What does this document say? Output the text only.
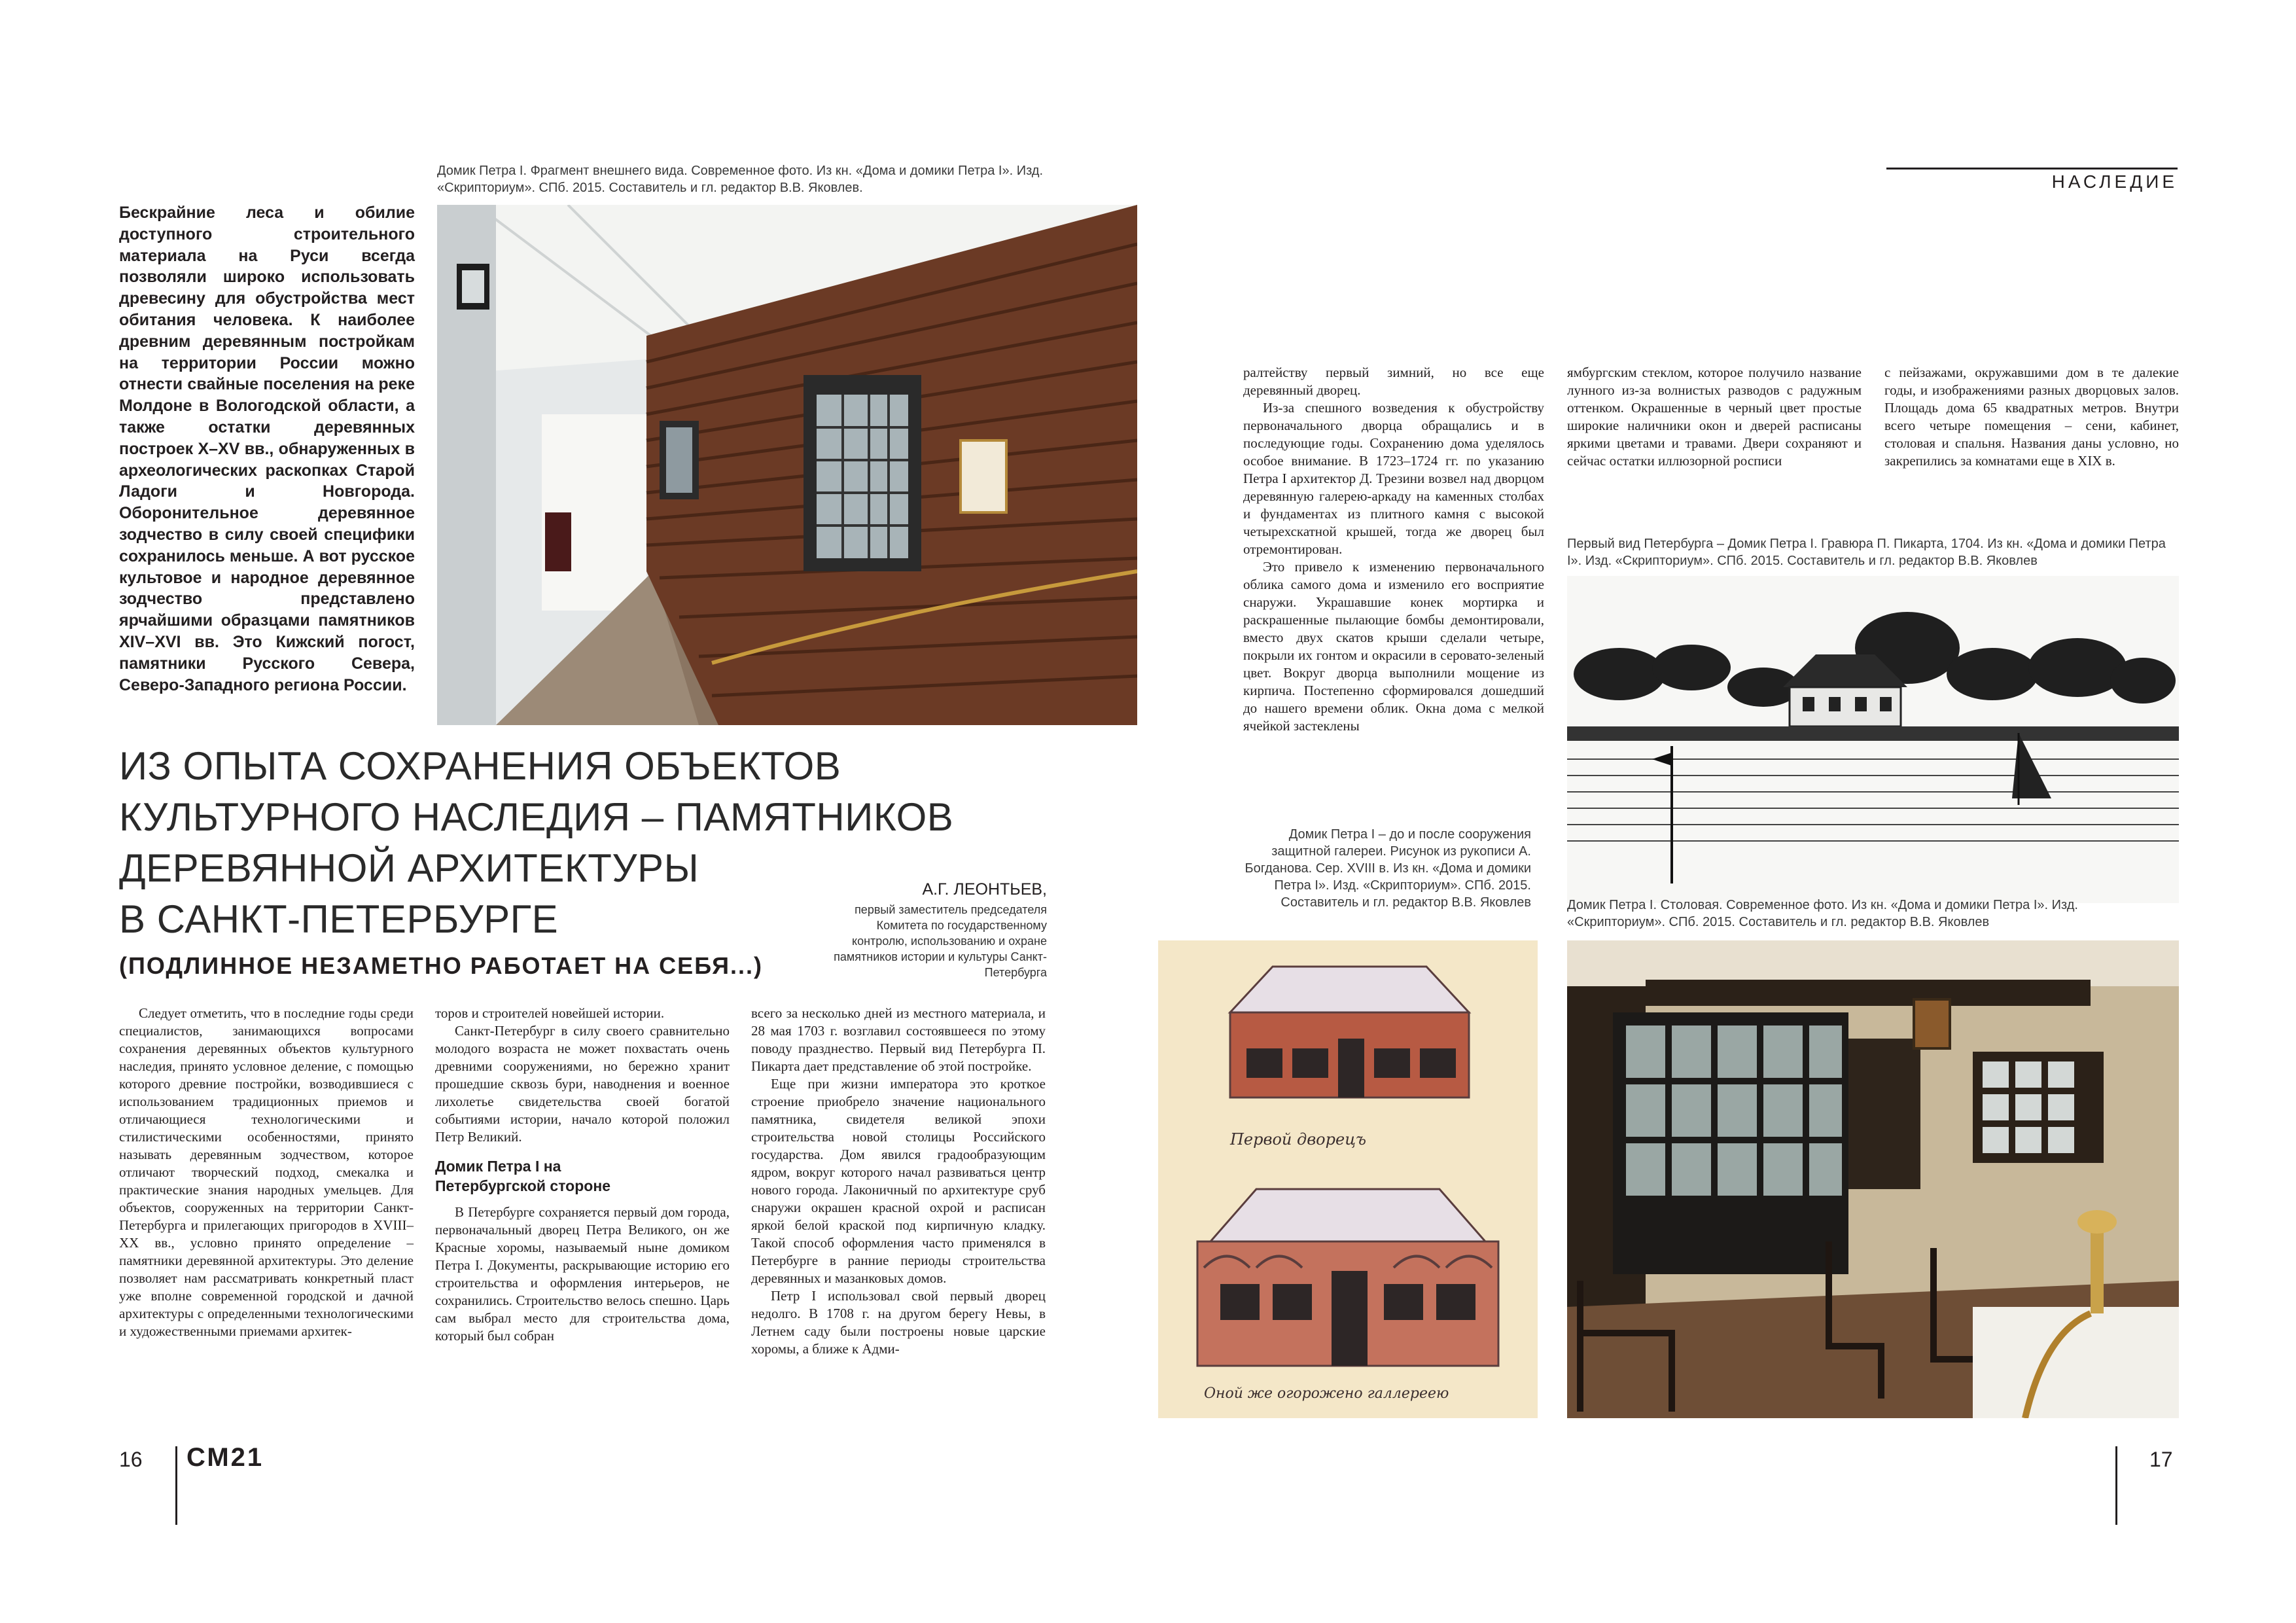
Бескрайние леса и обилие доступного строительного материала на Руси всегда позволяли широко использовать древесину для обустройства мест обитания человека. К наиболее древним деревянным постройкам на территории России можно отнести свайные поселения на реке Молдоне в Вологодской области, а также остатки деревянных построек X–XV вв., обнаруженных в археологических раскопках Старой Ладоги и Новгорода. Оборонительное деревянное зодчество в силу своей специфики сохранилось меньше. А вот русское культовое и народное деревянное зодчество представлено ярчайшими образцами памятников XIV–XVI вв. Это Кижский погост, памятники Русского Севера, Северо-Западного региона России.
Домик Петра I. Фрагмент внешнего вида. Современное фото. Из кн. «Дома и домики Петра I». Изд. «Скрипториум». СПб. 2015. Составитель и гл. редактор В.В. Яковлев.
ИЗ ОПЫТА СОХРАНЕНИЯ ОБЪЕКТОВ
КУЛЬТУРНОГО НАСЛЕДИЯ – ПАМЯТНИКОВ
ДЕРЕВЯННОЙ АРХИТЕКТУРЫ
В САНКТ-ПЕТЕРБУРГЕ
(ПОДЛИННОЕ НЕЗАМЕТНО РАБОТАЕТ НА СЕБЯ...)
А.Г. ЛЕОНТЬЕВ,
первый заместитель председателя Комитета по государственному контролю, использованию и охране памятников истории и культуры Санкт-Петербурга

Следует отметить, что в последние годы среди специалистов, занимающихся вопросами сохранения деревянных объектов культурного наследия, принято условное деление, с помощью которого древние постройки, возводившиеся с использованием традиционных приемов и отличающиеся технологическими и стилистическими особенностями, принято называть деревянным зодчеством, которое отличают творческий подход, смекалка и практические знания народных умельцев. Для объектов, сооруженных на территории Санкт-Петербурга и прилегающих пригородов в XVIII–XX вв., условно принято определение – памятники деревянной архитектуры. Это деление позволяет нам рассматривать конкретный пласт уже вполне современной городской и дачной архитектуры с определенными технологическими и художественными приемами архитек-

торов и строителей новейшей истории.

Санкт-Петербург в силу своего сравнительно молодого возраста не может похвастать очень древними сооружениями, но бережно хранит прошедшие сквозь бури, наводнения и военное лихолетье свидетельства своей богатой событиями истории, начало которой положил Петр Великий.

Домик Петра I на Петербургской стороне

В Петербурге сохраняется первый дом города, первоначальный дворец Петра Великого, он же Красные хоромы, называемый ныне домиком Петра I. Документы, раскрывающие историю его строительства и оформления интерьеров, не сохранились. Строительство велось спешно. Царь сам выбрал место для строительства дома, который был собран

всего за несколько дней из местного материала, и 28 мая 1703 г. возглавил состоявшееся по этому поводу празднество. Первый вид Петербурга П. Пикарта дает представление об этой постройке.

Еще при жизни императора это кроткое строение приобрело значение национального памятника, свидетеля великой эпохи строительства новой столицы Российского государства. Дом явился градообразующим ядром, вокруг которого начал развиваться центр нового города. Лаконичный по архитектуре сруб снаружи окрашен красной охрой и расписан яркой белой краской под кирпичную кладку. Такой способ оформления часто применялся в Петербурге в ранние периоды строительства деревянных и мазанковых домов.

Петр I использовал свой первый дворец недолго. В 1708 г. на другом берегу Невы, в Летнем саду были построены новые царские хоромы, а ближе к Адми-

16 СМ21
НАСЛЕДИЕ

ралтейству первый зимний, но все еще деревянный дворец.

Из-за спешного возведения к обустройству первоначального дворца обращались и в последующие годы. Сохранению дома уделялось особое внимание. В 1723–1724 гг. по указанию Петра I архитектор Д. Трезини возвел над дворцом деревянную галерею-аркаду на каменных столбах и фундаментах из плитного камня с высокой четырехскатной крышей, тогда же дворец был отремонтирован.

Это привело к изменению первоначального облика самого дома и изменило его восприятие снаружи. Украшавшие конек мортирка и раскрашенные пылающие бомбы демонтировали, вместо двух скатов крыши сделали четыре, покрыли их гонтом и окрасили в серовато-зеленый цвет. Вокруг дворца выполнили мощение из кирпича. Постепенно сформировался дошедший до нашего времени облик. Окна дома с мелкой ячейкой застеклены

ямбургским стеклом, которое получило название лунного из-за волнистых разводов с радужным оттенком. Окрашенные в черный цвет простые широкие наличники окон и дверей расписаны яркими цветами и травами. Двери сохраняют и сейчас остатки иллюзорной росписи

с пейзажами, окружавшими дом в те далекие годы, и изображениями разных дворцовых залов. Площадь дома 65 квадратных метров. Внутри всего четыре помещения – сени, кабинет, столовая и спальня. Названия даны условно, но закрепились за комнатами еще в XIX в.

Первый вид Петербурга – Домик Петра I. Гравюра П. Пикарта, 1704. Из кн. «Дома и домики Петра I». Изд. «Скрипториум». СПб. 2015. Составитель и гл. редактор В.В. Яковлев
Домик Петра I – до и после сооружения защитной галереи. Рисунок из рукописи А. Богданова. Сер. XVIII в. Из кн. «Дома и домики Петра I». Изд. «Скрипториум». СПб. 2015. Составитель и гл. редактор В.В. Яковлев
Первой дворецъ
Оной же огорожено галлереею
Домик Петра I. Столовая. Современное фото. Из кн. «Дома и домики Петра I». Изд. «Скрипториум». СПб. 2015. Составитель и гл. редактор В.В. Яковлев
17
